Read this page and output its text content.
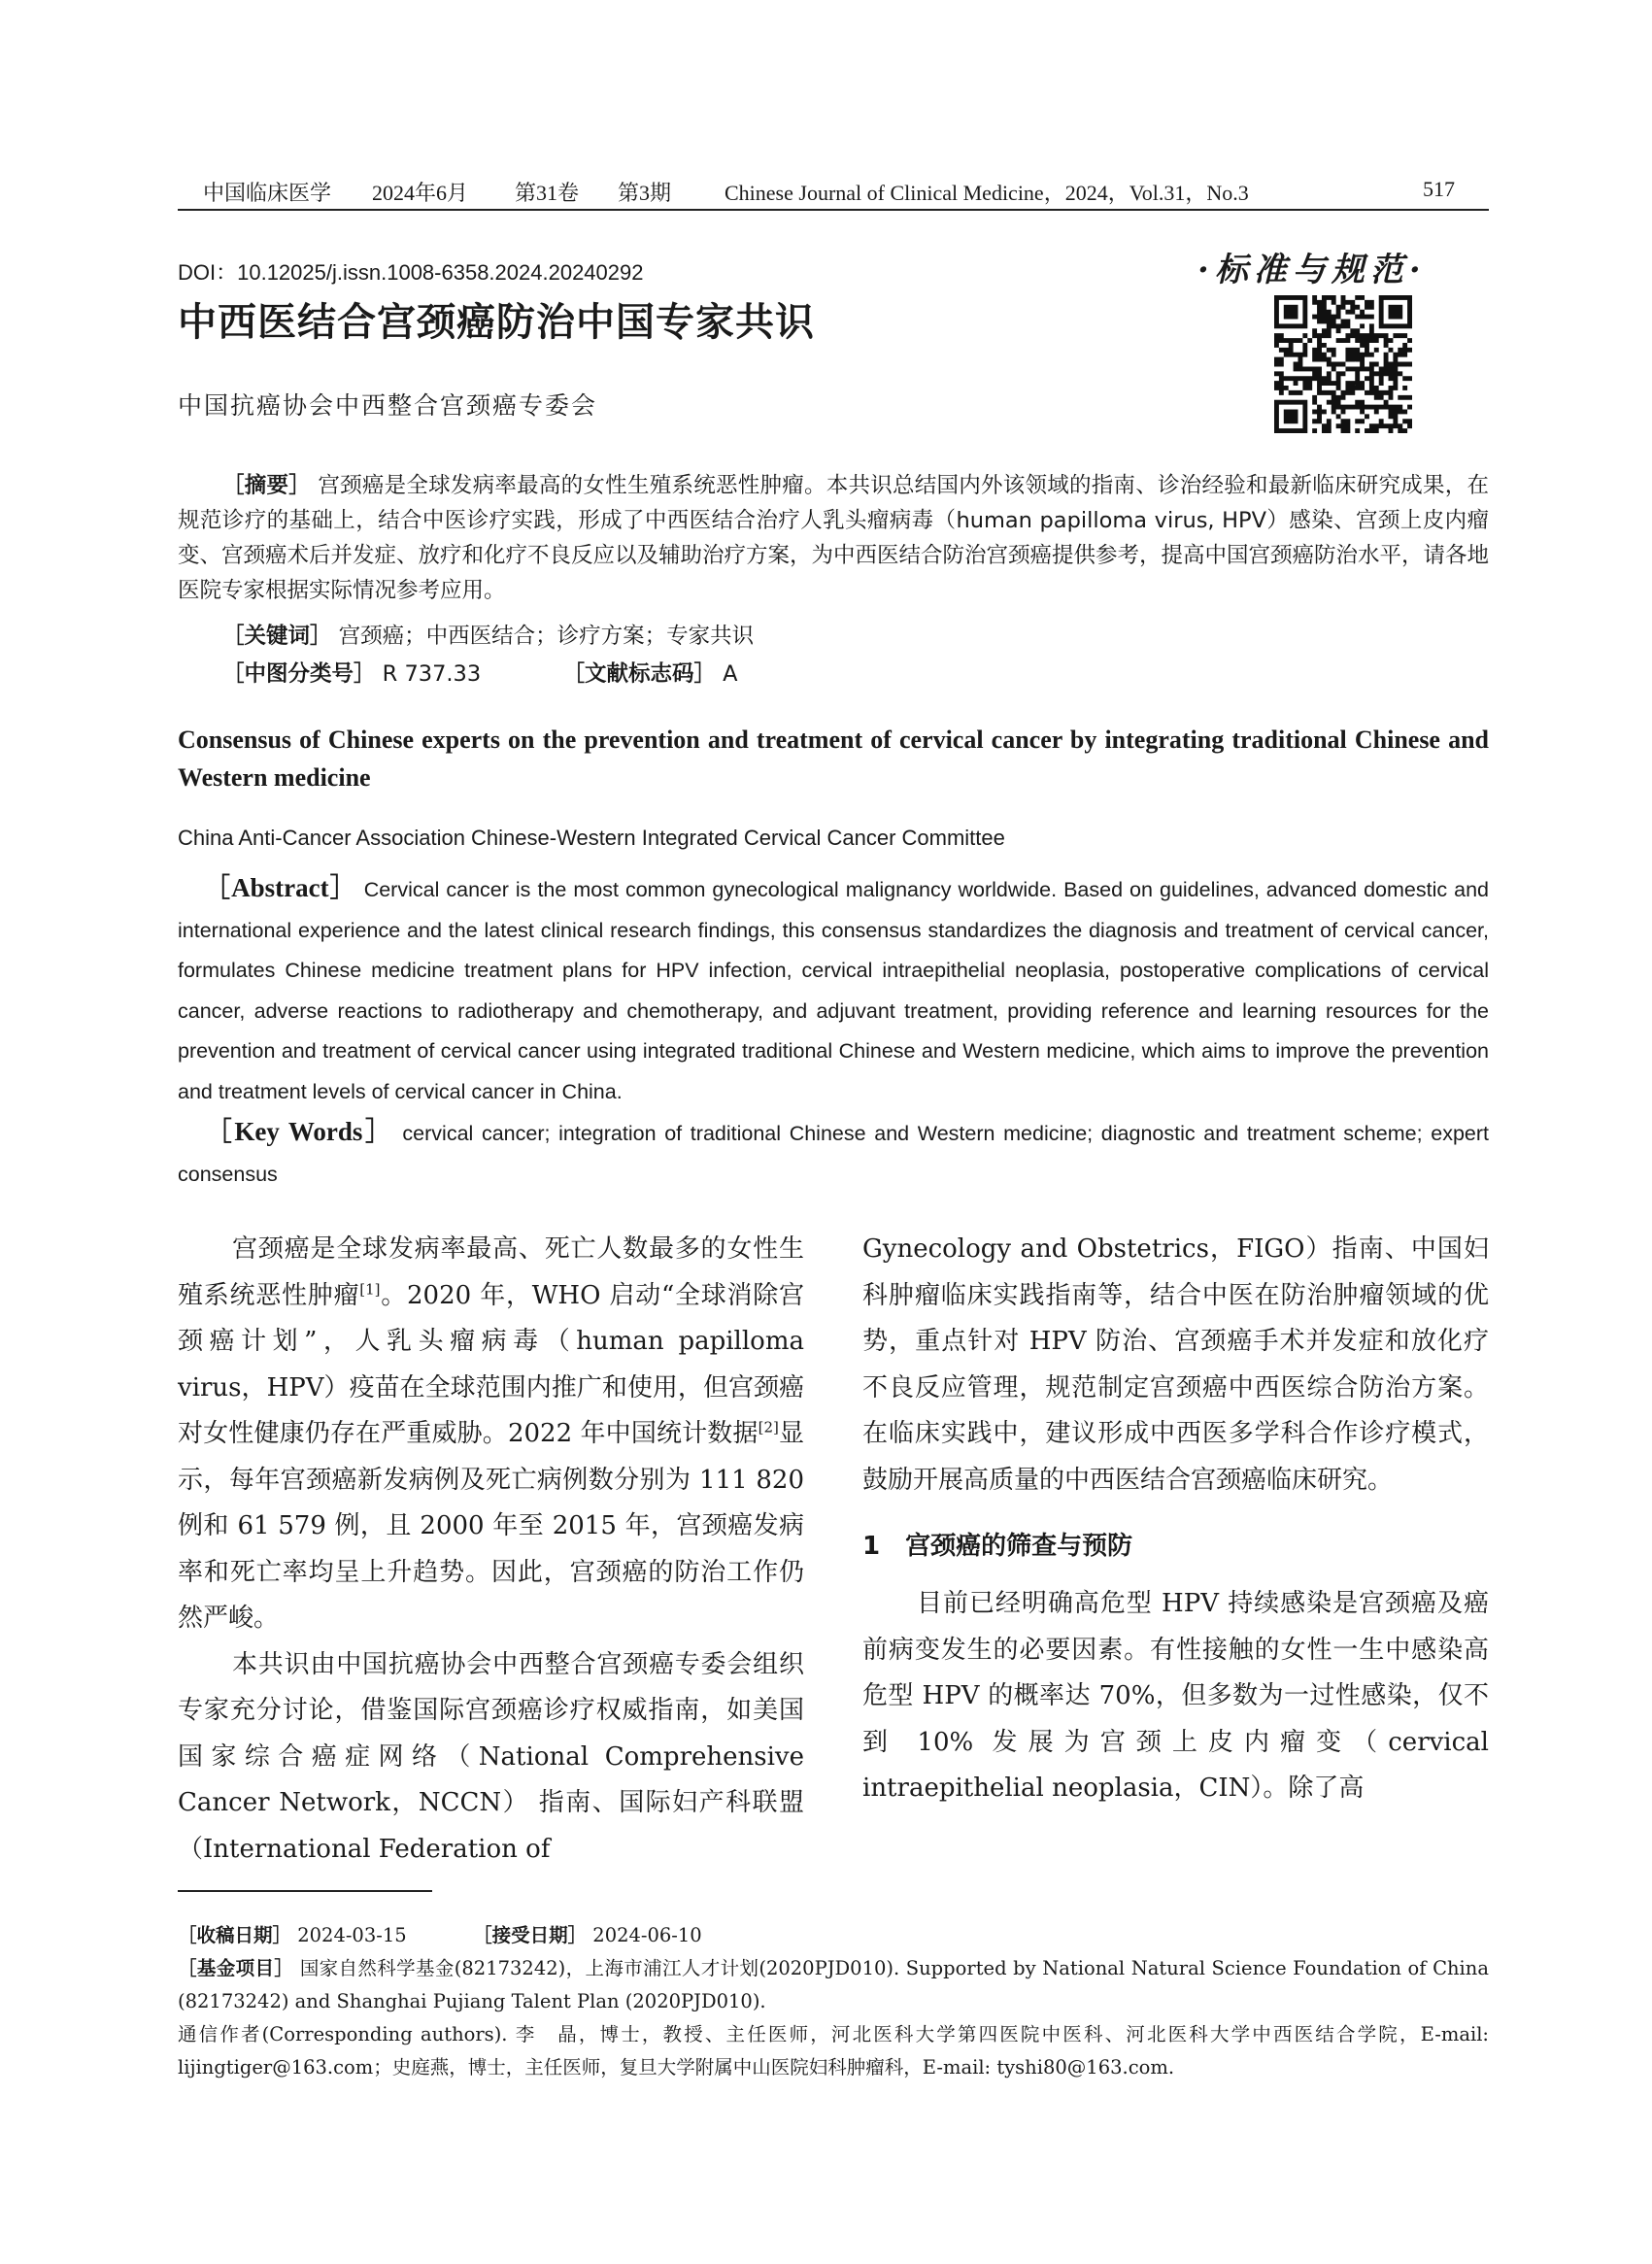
中国临床医学 2024年6月 第31卷 第3期 Chinese Journal of Clinical Medicine，2024，Vol.31，No.3	517
DOI：10.12025/j.issn.1008-6358.2024.20240292	·标准与规范·
中西医结合宫颈癌防治中国专家共识
中国抗癌协会中西整合宫颈癌专委会

［摘要］ 宫颈癌是全球发病率最高的女性生殖系统恶性肿瘤。本共识总结国内外该领域的指南、诊治经验和最新临床研究成果，在规范诊疗的基础上，结合中医诊疗实践，形成了中西医结合治疗人乳头瘤病毒（human papilloma virus, HPV）感染、宫颈上皮内瘤变、宫颈癌术后并发症、放疗和化疗不良反应以及辅助治疗方案，为中西医结合防治宫颈癌提供参考，提高中国宫颈癌防治水平，请各地医院专家根据实际情况参考应用。

［关键词］ 宫颈癌；中西医结合；诊疗方案；专家共识
［中图分类号］ R 737.33	［文献标志码］ A
Consensus of Chinese experts on the prevention and treatment of cervical cancer by integrating traditional Chinese and Western medicine
China Anti-Cancer Association Chinese-Western Integrated Cervical Cancer Committee
［Abstract］ Cervical cancer is the most common gynecological malignancy worldwide. Based on guidelines, advanced domestic and international experience and the latest clinical research findings, this consensus standardizes the diagnosis and treatment of cervical cancer, formulates Chinese medicine treatment plans for HPV infection, cervical intraepithelial neoplasia, postoperative complications of cervical cancer, adverse reactions to radiotherapy and chemotherapy, and adjuvant treatment, providing reference and learning resources for the prevention and treatment of cervical cancer using integrated traditional Chinese and Western medicine, which aims to improve the prevention and treatment levels of cervical cancer in China.
［Key Words］ cervical cancer; integration of traditional Chinese and Western medicine; diagnostic and treatment scheme; expert consensus

宫颈癌是全球发病率最高、死亡人数最多的女性生殖系统恶性肿瘤[1]。2020 年，WHO 启动“全球消除宫颈癌计划”，人乳头瘤病毒（human papilloma virus，HPV）疫苗在全球范围内推广和使用，但宫颈癌对女性健康仍存在严重威胁。2022 年中国统计数据[2]显示，每年宫颈癌新发病例及死亡病例数分别为 111 820 例和 61 579 例，且 2000 年至 2015 年，宫颈癌发病率和死亡率均呈上升趋势。因此，宫颈癌的防治工作仍然严峻。

本共识由中国抗癌协会中西整合宫颈癌专委会组织专家充分讨论，借鉴国际宫颈癌诊疗权威指南，如美国国家综合癌症网络（National Comprehensive Cancer Network，NCCN） 指南、国际妇产科联盟（International Federation of

Gynecology and Obstetrics，FIGO）指南、中国妇科肿瘤临床实践指南等，结合中医在防治肿瘤领域的优势，重点针对 HPV 防治、宫颈癌手术并发症和放化疗不良反应管理，规范制定宫颈癌中西医综合防治方案。在临床实践中，建议形成中西医多学科合作诊疗模式，鼓励开展高质量的中西医结合宫颈癌临床研究。

1　宫颈癌的筛查与预防

目前已经明确高危型 HPV 持续感染是宫颈癌及癌前病变发生的必要因素。有性接触的女性一生中感染高危型 HPV 的概率达 70%，但多数为一过性感染，仅不到 10% 发展为宫颈上皮内瘤变（cervical intraepithelial neoplasia，CIN）。除了高

［收稿日期］ 2024-03-15	［接受日期］ 2024-06-10
［基金项目］ 国家自然科学基金(82173242)，上海市浦江人才计划(2020PJD010). Supported by National Natural Science Foundation of China (82173242) and Shanghai Pujiang Talent Plan (2020PJD010).
通信作者(Corresponding authors). 李　晶，博士，教授、主任医师，河北医科大学第四医院中医科、河北医科大学中西医结合学院，E-mail: lijingtiger@163.com；史庭燕，博士，主任医师，复旦大学附属中山医院妇科肿瘤科，E-mail: tyshi80@163.com.
